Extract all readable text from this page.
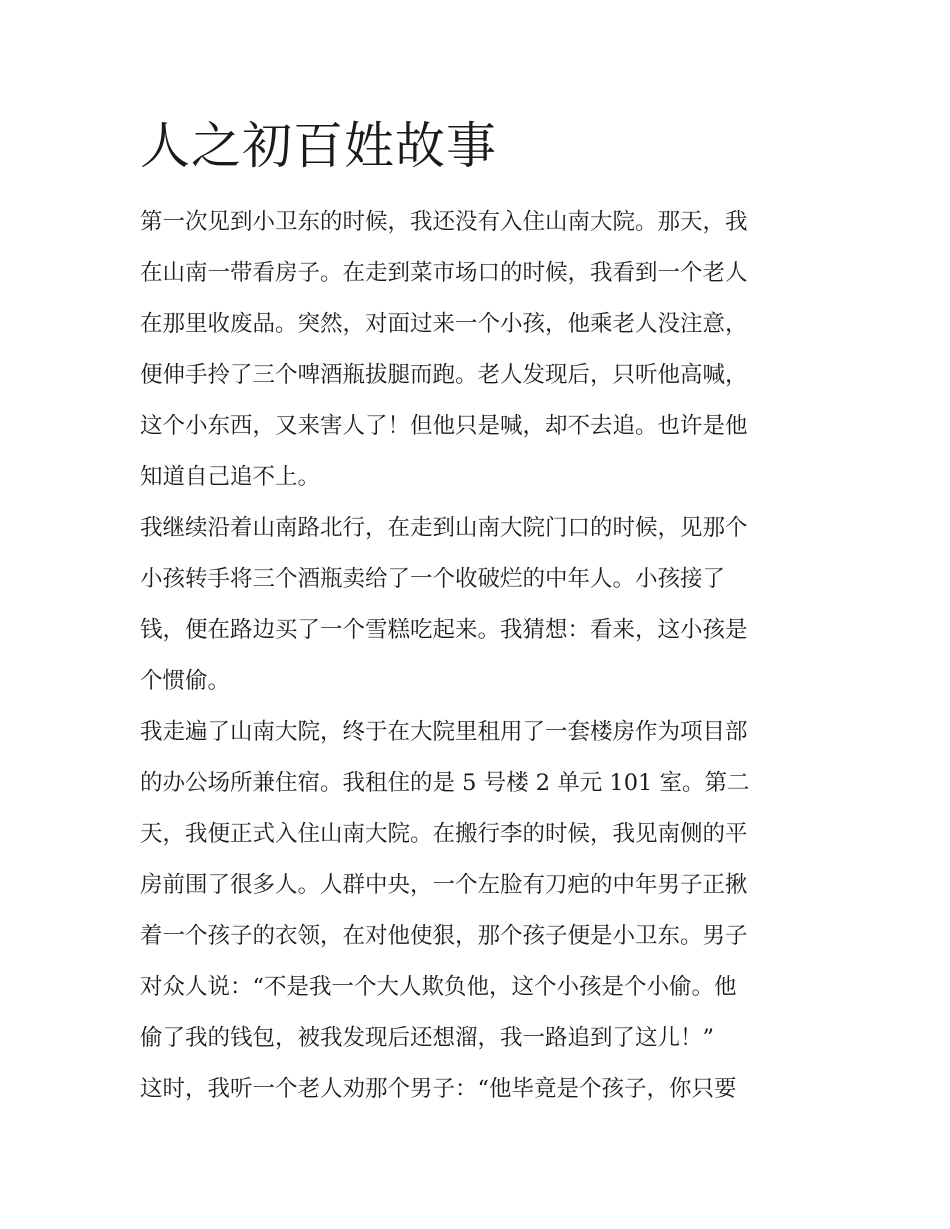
人之初百姓故事
第一次见到小卫东的时候，我还没有入住山南大院。那天，我
在山南一带看房子。在走到菜市场口的时候，我看到一个老人
在那里收废品。突然，对面过来一个小孩，他乘老人没注意，
便伸手拎了三个啤酒瓶拔腿而跑。老人发现后，只听他高喊，
这个小东西，又来害人了！但他只是喊，却不去追。也许是他
知道自己追不上。
我继续沿着山南路北行，在走到山南大院门口的时候，见那个
小孩转手将三个酒瓶卖给了一个收破烂的中年人。小孩接了
钱，便在路边买了一个雪糕吃起来。我猜想：看来，这小孩是
个惯偷。
我走遍了山南大院，终于在大院里租用了一套楼房作为项目部
的办公场所兼住宿。我租住的是 5 号楼 2 单元 101 室。第二
天，我便正式入住山南大院。在搬行李的时候，我见南侧的平
房前围了很多人。人群中央，一个左脸有刀疤的中年男子正揪
着一个孩子的衣领，在对他使狠，那个孩子便是小卫东。男子
对众人说：“不是我一个大人欺负他，这个小孩是个小偷。他
偷了我的钱包，被我发现后还想溜，我一路追到了这儿！”
这时，我听一个老人劝那个男子：“他毕竟是个孩子，你只要
